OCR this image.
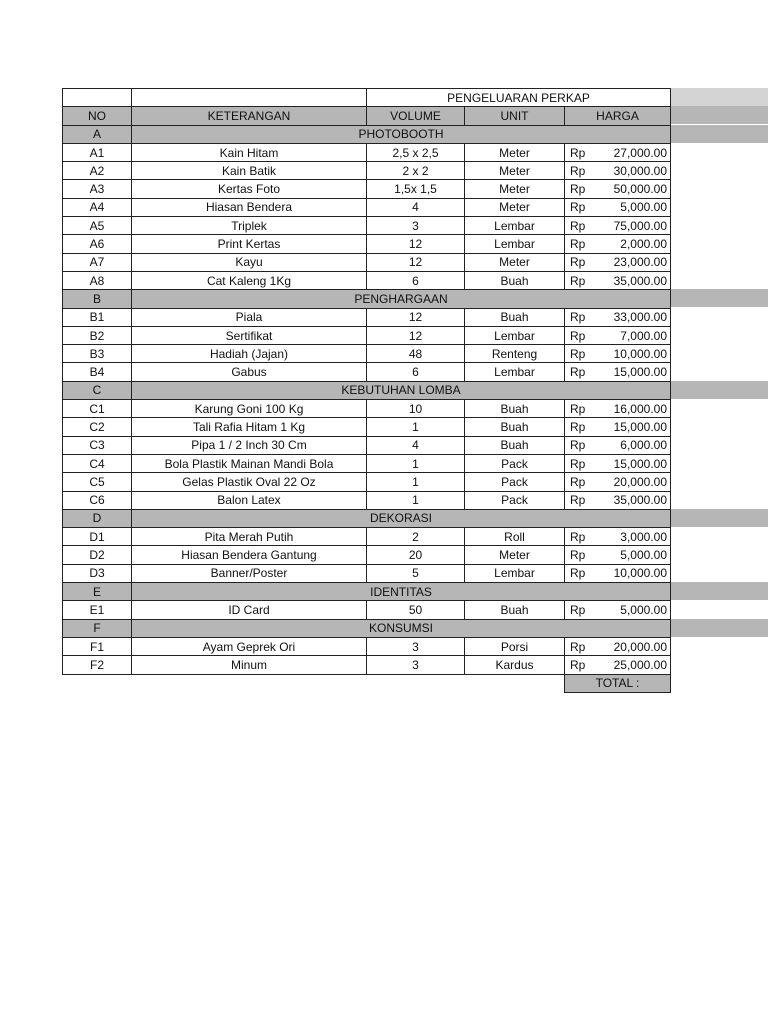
		PENGELUARAN PERKAP			
NO	KETERANGAN	VOLUME	UNIT	HARGA	
A	PHOTOBOOTH				
A1	Kain Hitam	2,5 x 2,5	Meter	Rp	27,000.00
A2	Kain Batik	2 x 2	Meter	Rp	30,000.00
A3	Kertas Foto	1,5x 1,5	Meter	Rp	50,000.00
A4	Hiasan Bendera	4	Meter	Rp	5,000.00
A5	Triplek	3	Lembar	Rp	75,000.00
A6	Print Kertas	12	Lembar	Rp	2,000.00
A7	Kayu	12	Meter	Rp	23,000.00
A8	Cat Kaleng 1Kg	6	Buah	Rp	35,000.00
B	PENGHARGAAN				
B1	Piala	12	Buah	Rp	33,000.00
B2	Sertifikat	12	Lembar	Rp	7,000.00
B3	Hadiah (Jajan)	48	Renteng	Rp	10,000.00
B4	Gabus	6	Lembar	Rp	15,000.00
C	KEBUTUHAN LOMBA				
C1	Karung Goni 100 Kg	10	Buah	Rp	16,000.00
C2	Tali Rafia Hitam 1 Kg	1	Buah	Rp	15,000.00
C3	Pipa 1 / 2 Inch 30 Cm	4	Buah	Rp	6,000.00
C4	Bola Plastik Mainan Mandi Bola	1	Pack	Rp	15,000.00
C5	Gelas Plastik Oval 22 Oz	1	Pack	Rp	20,000.00
C6	Balon Latex	1	Pack	Rp	35,000.00
D	DEKORASI				
D1	Pita Merah Putih	2	Roll	Rp	3,000.00
D2	Hiasan Bendera Gantung	20	Meter	Rp	5,000.00
D3	Banner/Poster	5	Lembar	Rp	10,000.00
E	IDENTITAS				
E1	ID Card	50	Buah	Rp	5,000.00
F	KONSUMSI				
F1	Ayam Geprek Ori	3	Porsi	Rp	20,000.00
F2	Minum	3	Kardus	Rp	25,000.00
				TOTAL :	
